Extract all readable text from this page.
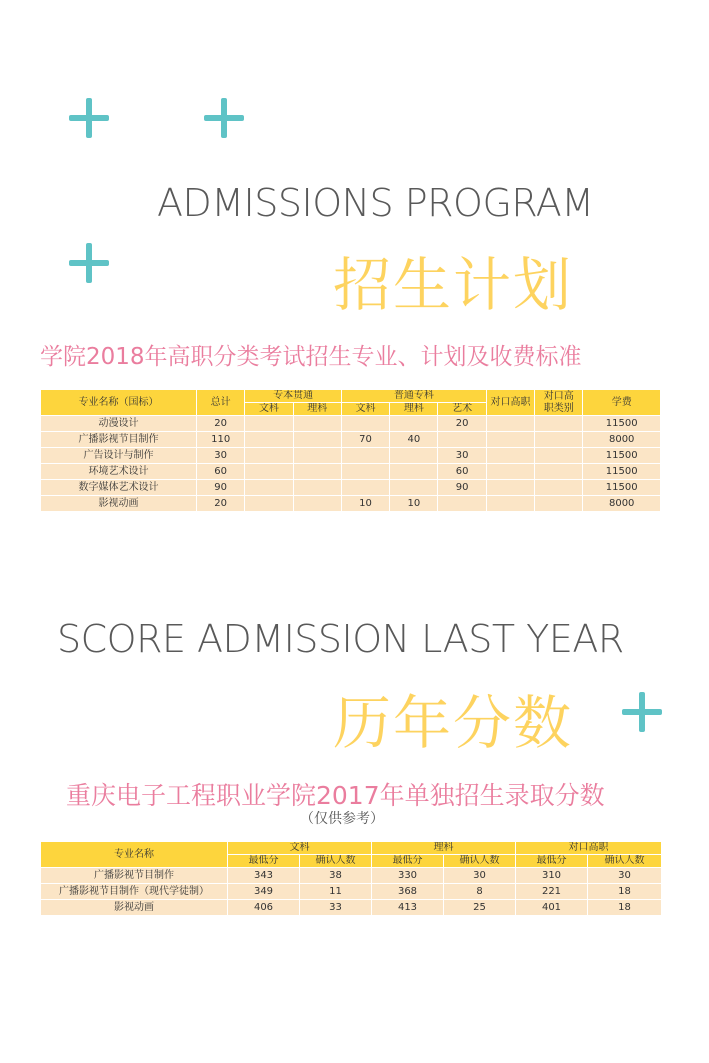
ADMISSIONS PROGRAM
招生计划
学院2018年高职分类考试招生专业、计划及收费标准
专业名称（国标）	总计	专本贯通		普通专科			对口高职	对口高职类别	学费
		文科	理科	文科	理科	艺术			
动漫设计	20					20			11500
广播影视节目制作	110			70	40				8000
广告设计与制作	30					30			11500
环境艺术设计	60					60			11500
数字媒体艺术设计	90					90			11500
影视动画	20			10	10				8000
SCORE ADMISSION LAST YEAR
历年分数
重庆电子工程职业学院2017年单独招生录取分数
（仅供参考）
专业名称	文科		理科		对口高职	
	最低分	确认人数	最低分	确认人数	最低分	确认人数
广播影视节目制作	343	38	330	30	310	30
广播影视节目制作（现代学徒制）	349	11	368	8	221	18
影视动画	406	33	413	25	401	18
